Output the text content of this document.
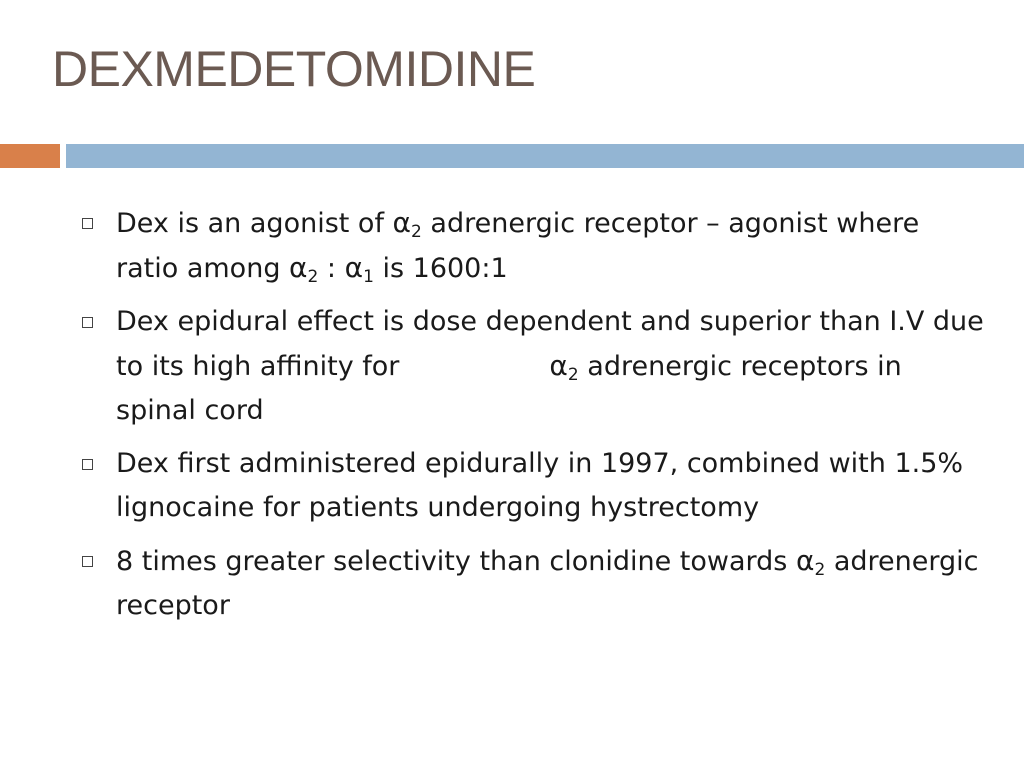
DEXMEDETOMIDINE
Dex is an agonist of $\alpha_2$ adrenergic receptor – agonist where ratio among $\alpha_2$ : $\alpha_1$ is 1600:1
Dex epidural effect is dose dependent and superior than I.V due to its high affinity for	$\alpha_2$ adrenergic receptors in spinal cord
Dex first administered epidurally in 1997, combined with 1.5% lignocaine for patients undergoing hystrectomy
8 times greater selectivity than clonidine towards $\alpha_2$ adrenergic receptor
